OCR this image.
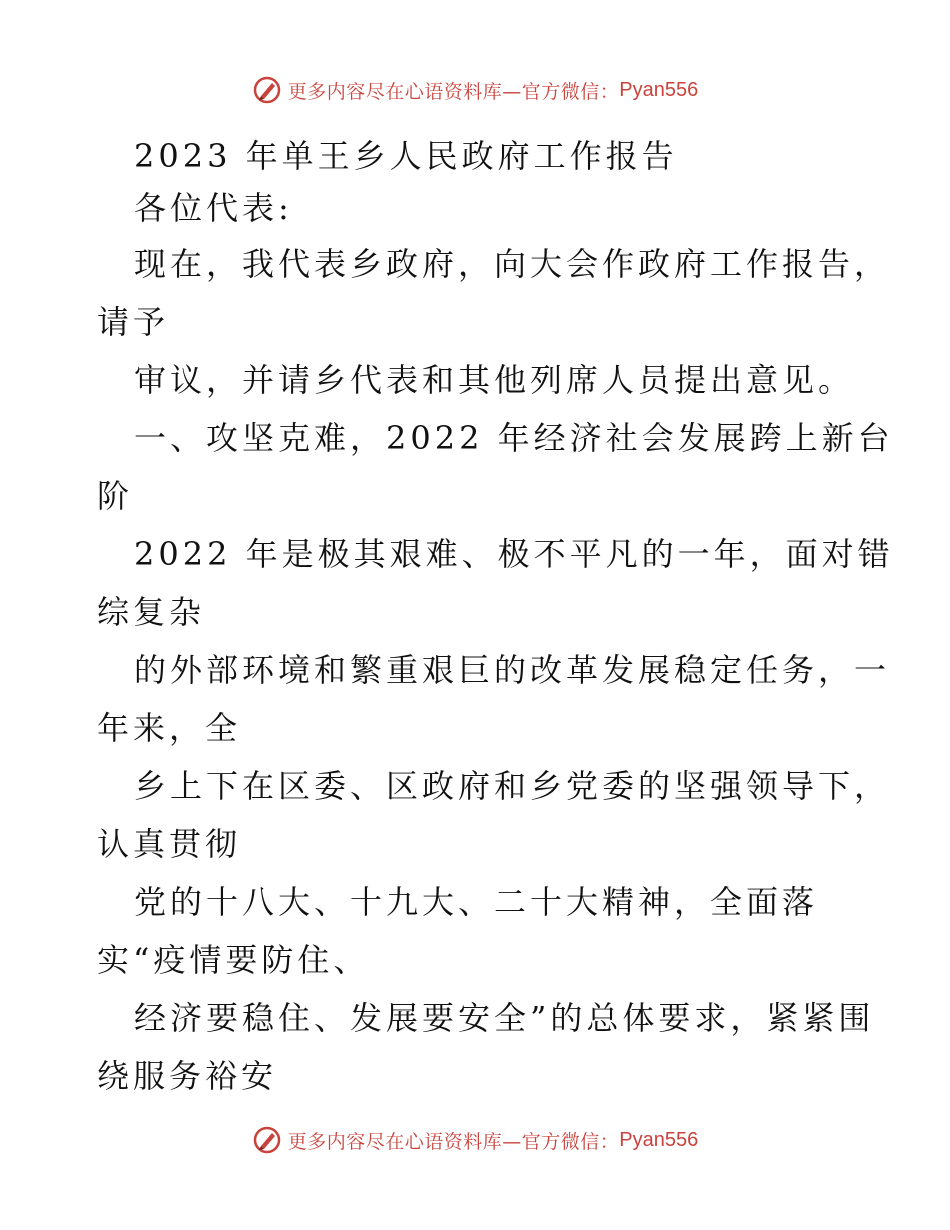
更多内容尽在心语资料库 —官方微信： Pyan556
2023 年单王乡人民政府工作报告
各位代表:
现在，我代表乡政府，向大会作政府工作报告，
请予
审议，并请乡代表和其他列席人员提出意见。
一、攻坚克难，2022 年经济社会发展跨上新台
阶
2022 年是极其艰难、极不平凡的一年，面对错
综复杂
的外部环境和繁重艰巨的改革发展稳定任务，一
年来，全
乡上下在区委、区政府和乡党委的坚强领导下，
认真贯彻
党的十八大、十九大、二十大精神，全面落
实“疫情要防住、
经济要稳住、发展要安全”的总体要求，紧紧围
绕服务裕安
更多内容尽在心语资料库 —官方微信： Pyan556
